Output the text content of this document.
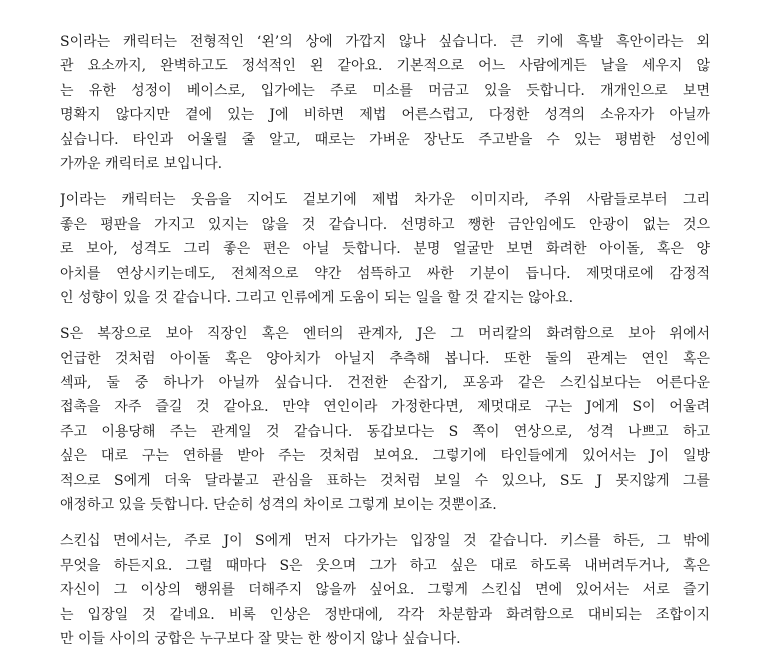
S이라는 캐릭터는 전형적인 ‘왼’의 상에 가깝지 않나 싶습니다. 큰 키에 흑발 흑안이라는 외
관 요소까지, 완벽하고도 정석적인 왼 같아요. 기본적으로 어느 사람에게든 날을 세우지 않
는 유한 성정이 베이스로, 입가에는 주로 미소를 머금고 있을 듯합니다. 개개인으로 보면
명확지 않다지만 곁에 있는 J에 비하면 제법 어른스럽고, 다정한 성격의 소유자가 아닐까
싶습니다. 타인과 어울릴 줄 알고, 때로는 가벼운 장난도 주고받을 수 있는 평범한 성인에
가까운 캐릭터로 보입니다.
J이라는 캐릭터는 웃음을 지어도 겉보기에 제법 차가운 이미지라, 주위 사람들로부터 그리
좋은 평판을 가지고 있지는 않을 것 같습니다. 선명하고 쨍한 금안임에도 안광이 없는 것으
로 보아, 성격도 그리 좋은 편은 아닐 듯합니다. 분명 얼굴만 보면 화려한 아이돌, 혹은 양
아치를 연상시키는데도, 전체적으로 약간 섬뜩하고 싸한 기분이 듭니다. 제멋대로에 감정적
인 성향이 있을 것 같습니다. 그리고 인류에게 도움이 되는 일을 할 것 같지는 않아요.
S은 복장으로 보아 직장인 혹은 엔터의 관계자, J은 그 머리칼의 화려함으로 보아 위에서
언급한 것처럼 아이돌 혹은 양아치가 아닐지 추측해 봅니다. 또한 둘의 관계는 연인 혹은
섹파, 둘 중 하나가 아닐까 싶습니다. 건전한 손잡기, 포옹과 같은 스킨십보다는 어른다운
접촉을 자주 즐길 것 같아요. 만약 연인이라 가정한다면, 제멋대로 구는 J에게 S이 어울려
주고 이용당해 주는 관계일 것 같습니다. 동갑보다는 S 쪽이 연상으로, 성격 나쁘고 하고
싶은 대로 구는 연하를 받아 주는 것처럼 보여요. 그렇기에 타인들에게 있어서는 J이 일방
적으로 S에게 더욱 달라붙고 관심을 표하는 것처럼 보일 수 있으나, S도 J 못지않게 그를
애정하고 있을 듯합니다. 단순히 성격의 차이로 그렇게 보이는 것뿐이죠.
스킨십 면에서는, 주로 J이 S에게 먼저 다가가는 입장일 것 같습니다. 키스를 하든, 그 밖에
무엇을 하든지요. 그럴 때마다 S은 웃으며 그가 하고 싶은 대로 하도록 내버려두거나, 혹은
자신이 그 이상의 행위를 더해주지 않을까 싶어요. 그렇게 스킨십 면에 있어서는 서로 즐기
는 입장일 것 같네요. 비록 인상은 정반대에, 각각 차분함과 화려함으로 대비되는 조합이지
만 이들 사이의 궁합은 누구보다 잘 맞는 한 쌍이지 않나 싶습니다.
